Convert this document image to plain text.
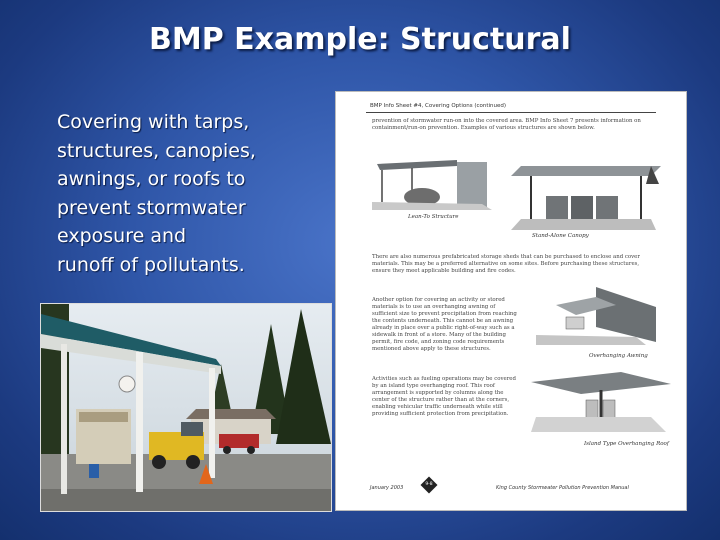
BMP Example: Structural
Covering with tarps,
structures, canopies,
awnings, or roofs to
prevent stormwater
exposure and
runoff of pollutants.
BMP Info Sheet #4, Covering Options (continued)
prevention of stormwater run-on into the covered area. BMP Info Sheet 7 presents information on containment/run-on prevention. Examples of various structures are shown below.
Lean-To Structure
Stand-Alone Canopy
There are also numerous prefabricated storage sheds that can be purchased to enclose and cover materials. This may be a preferred alternative on some sites. Before purchasing these structures, ensure they meet applicable building and fire codes.
Another option for covering an activity or stored materials is to use an overhanging awning of sufficient size to prevent precipitation from reaching the contents underneath. This cannot be an awning already in place over a public right-of-way such as a sidewalk in front of a store. Many of the building permit, fire code, and zoning code requirements mentioned above apply to these structures.
Overhanging Awning
Activities such as fueling operations may be covered by an island type overhanging roof. This roof arrangement is supported by columns along the center of the structure rather than at the corners, enabling vehicular traffic underneath while still providing sufficient protection from precipitation.
Island Type Overhanging Roof
January 2003
9-8
King County Stormwater Pollution Prevention Manual
